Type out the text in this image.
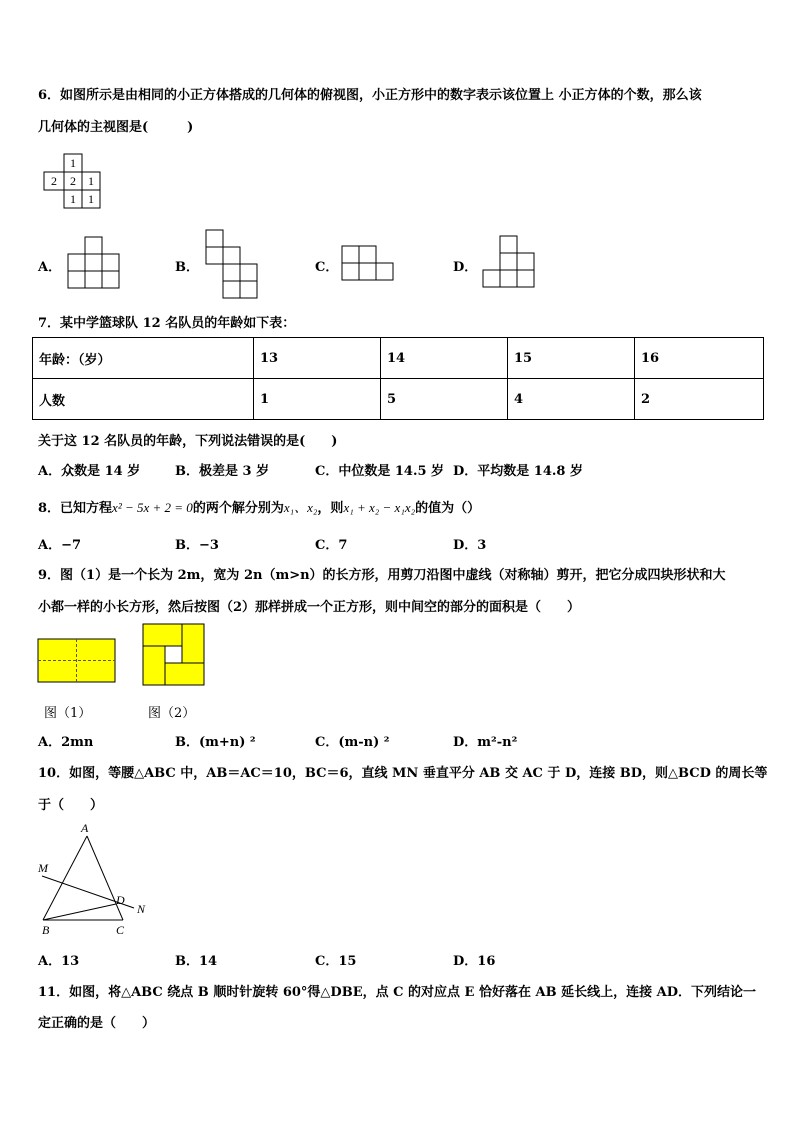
6．如图所示是由相同的小正方体搭成的几何体的俯视图，小正方形中的数字表示该位置上 小正方体的个数，那么该
几何体的主视图是(　　　)
1
2 2 1
1 1
A．	B．	C．	D．
7．某中学篮球队 12 名队员的年龄如下表：
年龄：（岁）	13	14	15	16
人数	1	5	4	2
关于这 12 名队员的年龄，下列说法错误的是(　　)
A．众数是 14 岁	B．极差是 3 岁	C．中位数是 14.5 岁 D．平均数是 14.8 岁
8．已知方程x² − 5x + 2 = 0的两个解分别为x₁、x₂，则x₁ + x₂ − x₁x₂的值为（）
A．−7	B．−3	C．7	D．3
9．图（1）是一个长为 2m，宽为 2n（m>n）的长方形，用剪刀沿图中虚线（对称轴）剪开，把它分成四块形状和大
小都一样的小长方形，然后按图（2）那样拼成一个正方形，则中间空的部分的面积是（　　）
图（1）	图（2）
A．2mn	B．(m+n) ²	C．(m-n) ²	D．m²-n²
10．如图，等腰△ABC 中，AB＝AC＝10，BC＝6，直线 MN 垂直平分 AB 交 AC 于 D，连接 BD，则△BCD 的周长等
于（　　）
A
M
D
N
B	C
A．13	B．14	C．15	D．16
11．如图，将△ABC 绕点 B 顺时针旋转 60°得△DBE，点 C 的对应点 E 恰好落在 AB 延长线上，连接 AD．下列结论一
定正确的是（　　）
